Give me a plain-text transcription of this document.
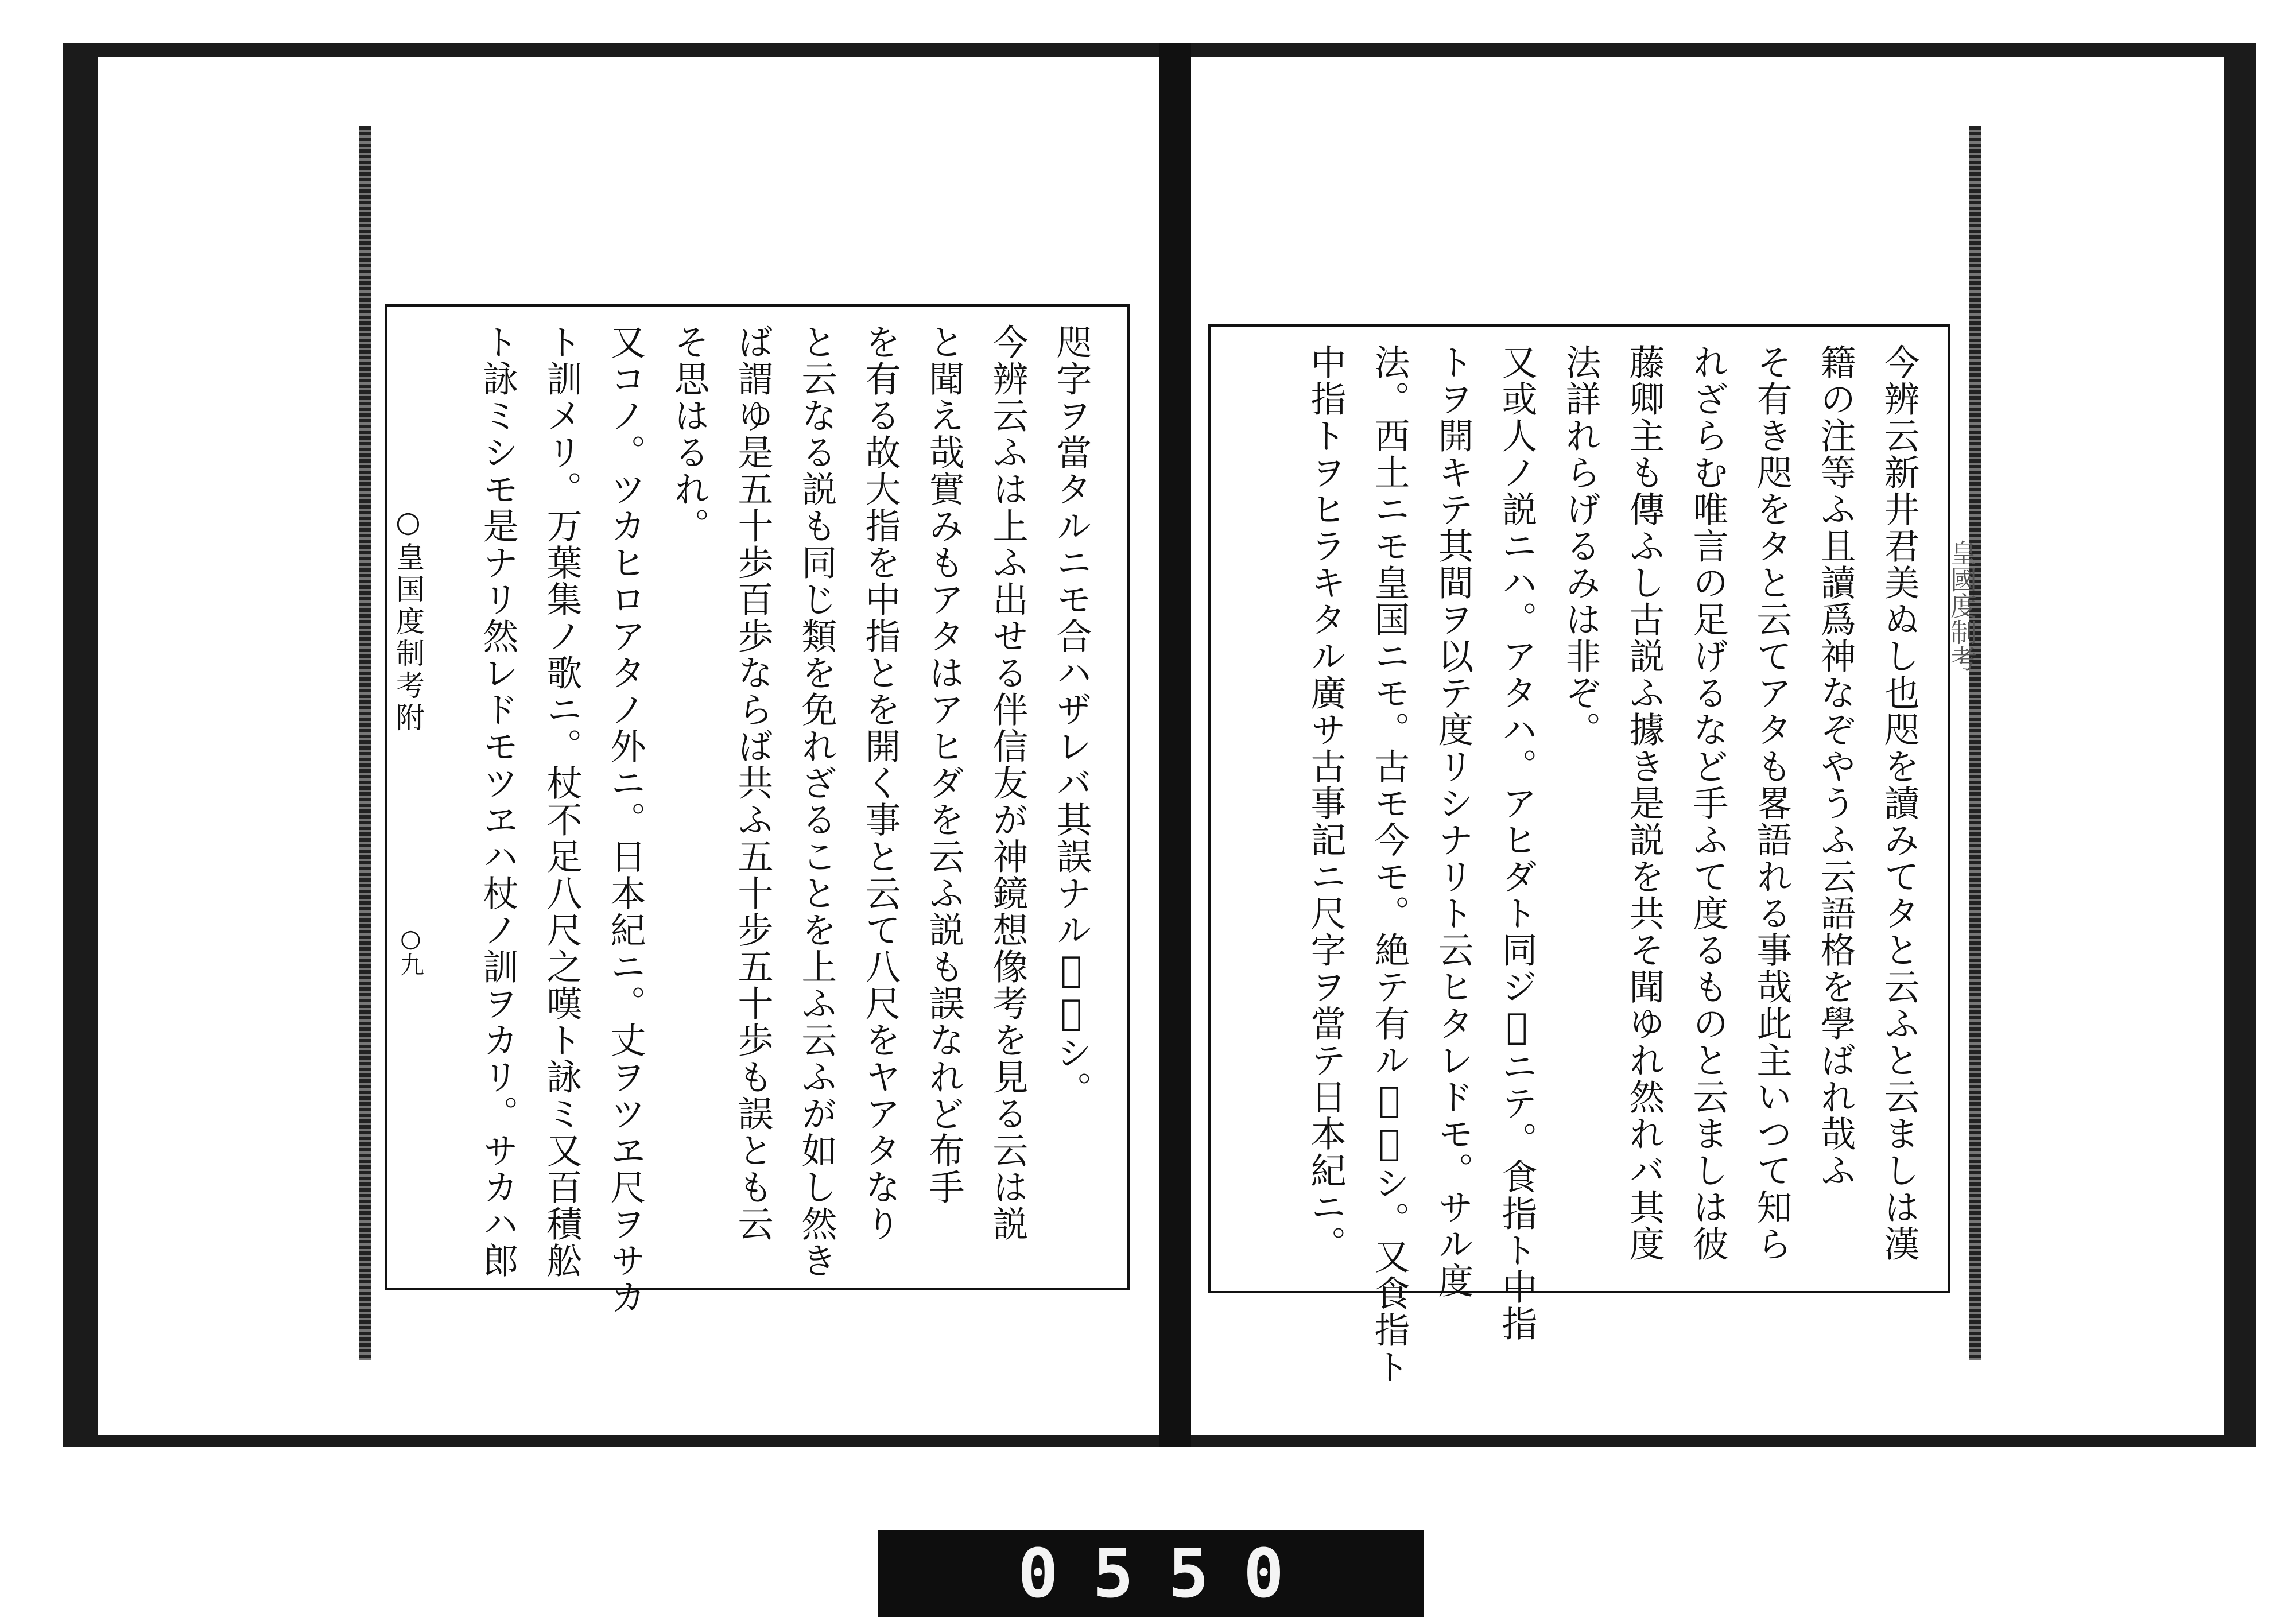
咫字ヲ當タルニモ合ハザレバ其誤ナル𬼂著シ。
今辨云ふは上ふ出せる伴信友が神鏡想像考を見る云は説
と聞え哉實みもアタはアヒダを云ふ説も誤なれど布手
を有る故大指を中指とを開く事と云て八尺をヤアタなり
と云なる説も同じ類を免れざることを上ふ云ふが如し然き
ば謂ゆ是五十歩百歩ならば共ふ五十步五十歩も誤とも云
そ思はるれ。
又コノ。ツカヒロアタノ外ニ。日本紀ニ。丈ヲツヱ尺ヲサカ
ト訓メリ。万葉集ノ歌ニ。杖不足八尺之嘆ト詠ミ又百積舩
ト詠ミシモ是ナリ然レドモツヱハ杖ノ訓ヲカリ。サカハ郎
○皇国度制考附
○九	今辨云新井君美ぬし也咫を讀みてタと云ふと云ましは漢
籍の注等ふ且讀爲神なぞやうふ云語格を學ばれ哉ふ
そ有き咫をタと云てアタも畧語れる事哉此主いつて知ら
れざらむ唯言の足げるなど手ふて度るものと云ましは彼
藤卿主も傳ふし古説ふ據き是説を共そ聞ゆれ然れバ其度
法詳れらげるみは非ぞ。
又或人ノ説ニハ。アタハ。アヒダト同ジ𬼂ニテ。食指ト中指
トヲ開キテ其間ヲ以テ度リシナリト云ヒタレドモ。サル度
法。西土ニモ皇国ニモ。古モ今モ。絶テ有ル𬼂無シ。又食指ト
中指トヲヒラキタル廣サ古事記ニ尺字ヲ當テ日本紀ニ。	皇國度制考
0550
